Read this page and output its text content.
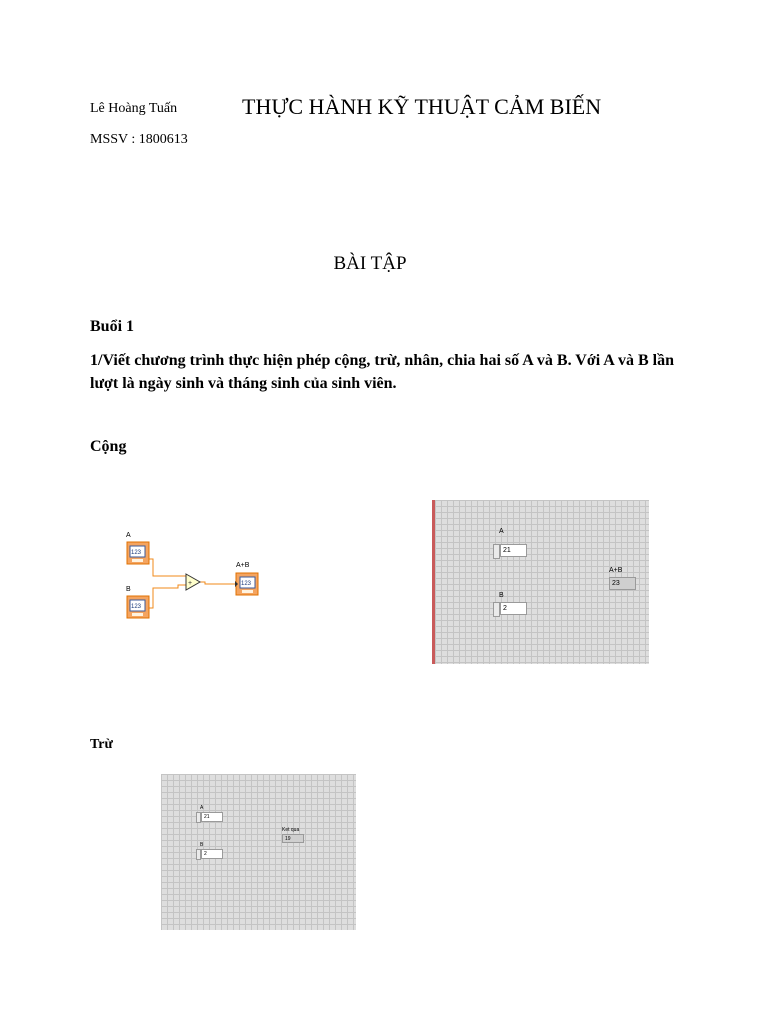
Lê Hoàng Tuấn	THỰC HÀNH KỸ THUẬT CẢM BIẾN
MSSV : 1800613
BÀI TẬP
Buổi 1
1/Viết chương trình thực hiện phép cộng, trừ, nhân, chia hai số A và B. Với A và B lần lượt là ngày sinh và tháng sinh của sinh viên.
Cộng
A
123
B
123
+
A+B
123
A
21
B
2
A+B
23
Trừ
A
21
B
2
Ket qua
19
